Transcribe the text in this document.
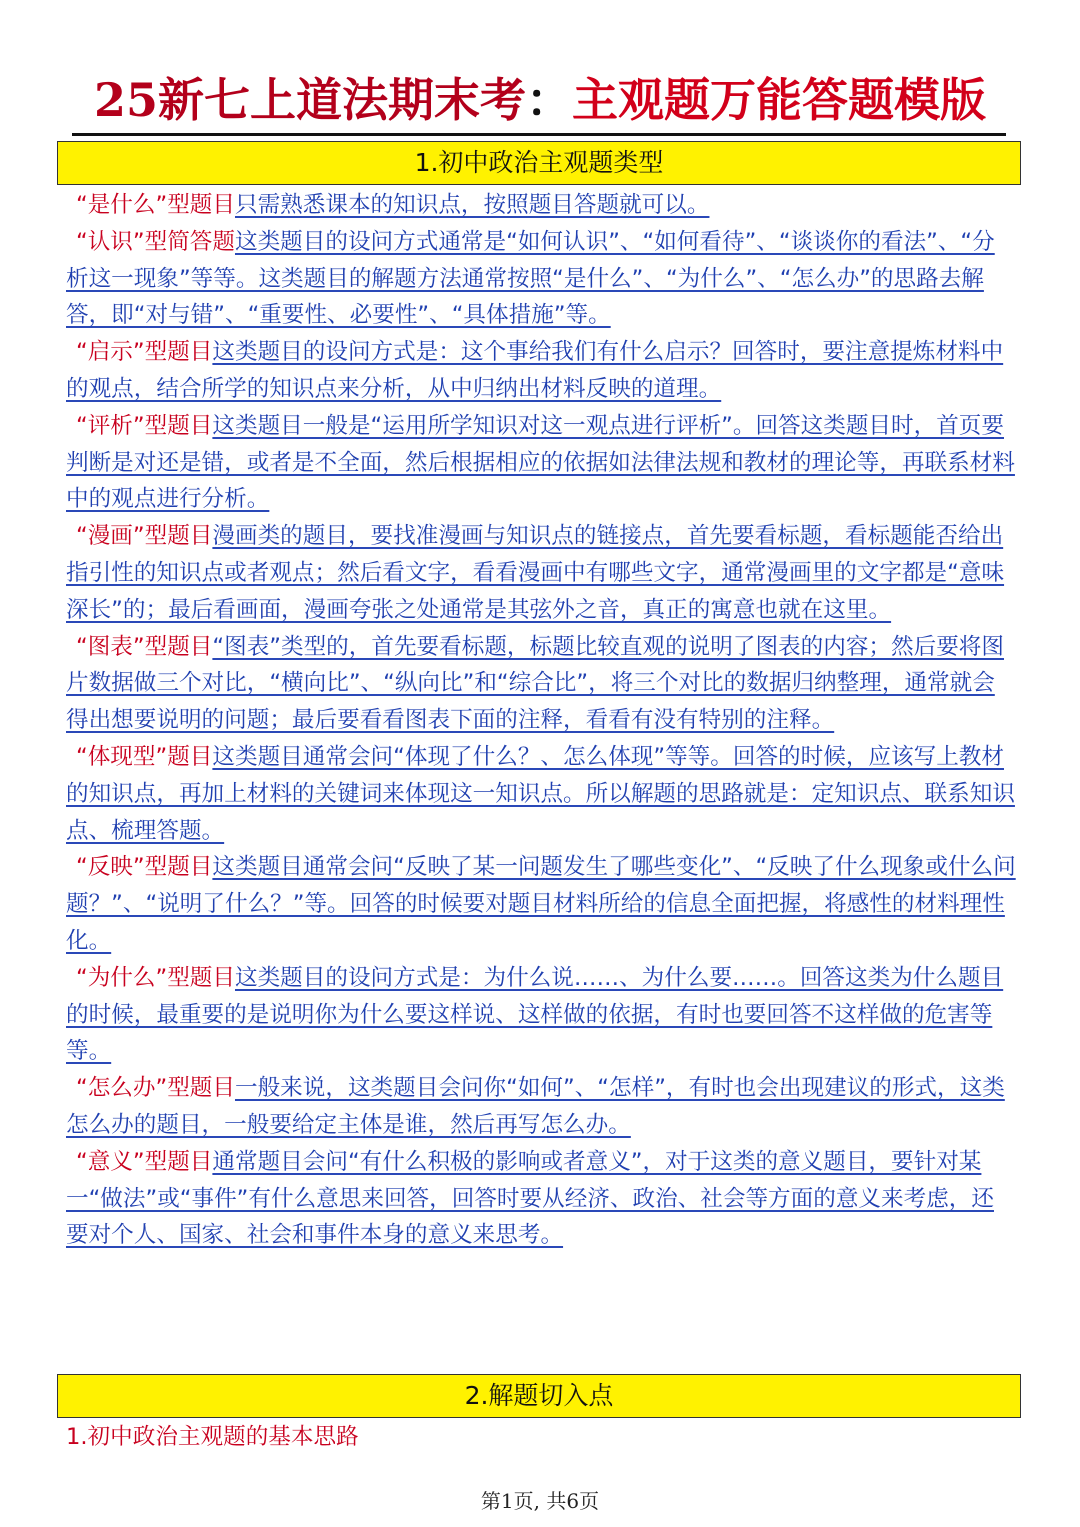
25新七上道法期末考：主观题万能答题模版
1.初中政治主观题类型

“是什么”型题目只需熟悉课本的知识点，按照题目答题就可以。

“认识”型简答题这类题目的设问方式通常是“如何认识”、“如何看待”、“谈谈你的看法”、“分析这一现象”等等。这类题目的解题方法通常按照“是什么”、“为什么”、“怎么办”的思路去解答，即“对与错”、“重要性、必要性”、“具体措施”等。

“启示”型题目这类题目的设问方式是：这个事给我们有什么启示？回答时，要注意提炼材料中的观点，结合所学的知识点来分析，从中归纳出材料反映的道理。

“评析”型题目这类题目一般是“运用所学知识对这一观点进行评析”。回答这类题目时，首页要判断是对还是错，或者是不全面，然后根据相应的依据如法律法规和教材的理论等，再联系材料中的观点进行分析。

“漫画”型题目漫画类的题目，要找准漫画与知识点的链接点，首先要看标题，看标题能否给出指引性的知识点或者观点；然后看文字，看看漫画中有哪些文字，通常漫画里的文字都是“意味深长”的；最后看画面，漫画夸张之处通常是其弦外之音，真正的寓意也就在这里。

“图表”型题目“图表”类型的，首先要看标题，标题比较直观的说明了图表的内容；然后要将图片数据做三个对比，“横向比”、“纵向比”和“综合比”，将三个对比的数据归纳整理，通常就会得出想要说明的问题；最后要看看图表下面的注释，看看有没有特别的注释。

“体现型”题目这类题目通常会问“体现了什么？、怎么体现”等等。回答的时候，应该写上教材的知识点，再加上材料的关键词来体现这一知识点。所以解题的思路就是：定知识点、联系知识点、梳理答题。

“反映”型题目这类题目通常会问“反映了某一问题发生了哪些变化”、“反映了什么现象或什么问题？”、“说明了什么？”等。回答的时候要对题目材料所给的信息全面把握，将感性的材料理性化。

“为什么”型题目这类题目的设问方式是：为什么说……、为什么要……。回答这类为什么题目的时候，最重要的是说明你为什么要这样说、这样做的依据，有时也要回答不这样做的危害等等。

“怎么办”型题目一般来说，这类题目会问你“如何”、“怎样”，有时也会出现建议的形式，这类怎么办的题目，一般要给定主体是谁，然后再写怎么办。

“意义”型题目通常题目会问“有什么积极的影响或者意义”，对于这类的意义题目，要针对某一“做法”或“事件”有什么意思来回答，回答时要从经济、政治、社会等方面的意义来考虑，还要对个人、国家、社会和事件本身的意义来思考。

2.解题切入点
1.初中政治主观题的基本思路
第1页, 共6页
